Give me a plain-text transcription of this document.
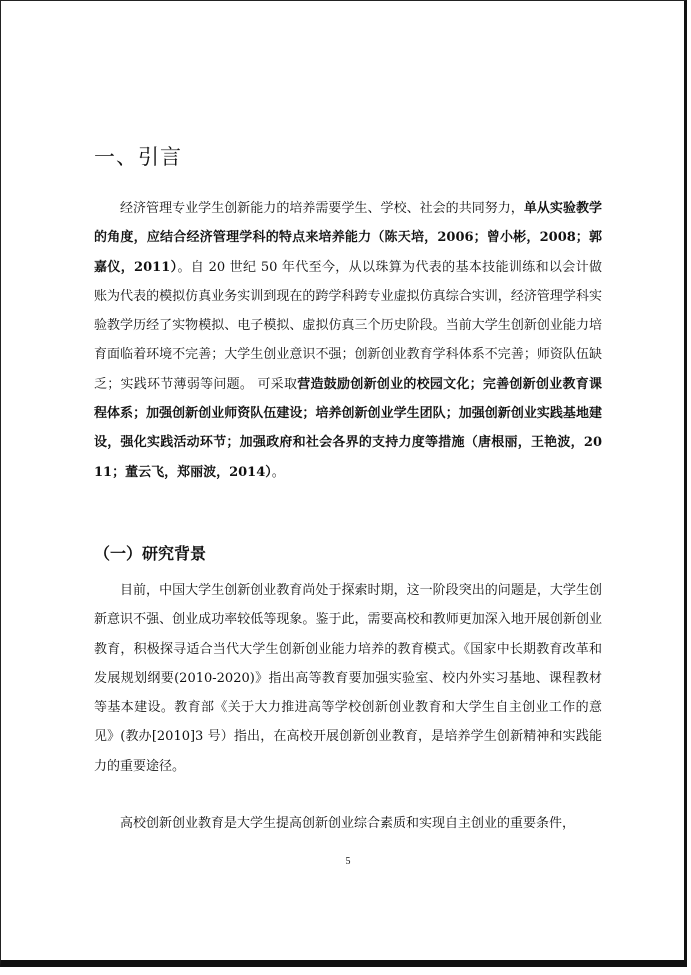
一、引言

经济管理专业学生创新能力的培养需要学生、学校、社会的共同努力，单从实验教学的角度，应结合经济管理学科的特点来培养能力（陈天培，2006；曾小彬，2008；郭嘉仪，2011）。自 20 世纪 50 年代至今，从以珠算为代表的基本技能训练和以会计做账为代表的模拟仿真业务实训到现在的跨学科跨专业虚拟仿真综合实训，经济管理学科实验教学历经了实物模拟、电子模拟、虚拟仿真三个历史阶段。当前大学生创新创业能力培育面临着环境不完善；大学生创业意识不强；创新创业教育学科体系不完善；师资队伍缺乏；实践环节薄弱等问题。 可采取营造鼓励创新创业的校园文化；完善创新创业教育课程体系；加强创新创业师资队伍建设；培养创新创业学生团队；加强创新创业实践基地建设，强化实践活动环节；加强政府和社会各界的支持力度等措施（唐根丽，王艳波，2011；董云飞，郑丽波，2014）。

（一）研究背景

目前，中国大学生创新创业教育尚处于探索时期，这一阶段突出的问题是，大学生创新意识不强、创业成功率较低等现象。鉴于此，需要高校和教师更加深入地开展创新创业教育，积极探寻适合当代大学生创新创业能力培养的教育模式。《国家中长期教育改革和发展规划纲要(2010-2020)》指出高等教育要加强实验室、校内外实习基地、课程教材等基本建设。教育部《关于大力推进高等学校创新创业教育和大学生自主创业工作的意见》(教办[2010]3 号）指出，在高校开展创新创业教育，是培养学生创新精神和实践能力的重要途径。

高校创新创业教育是大学生提高创新创业综合素质和实现自主创业的重要条件，

5
